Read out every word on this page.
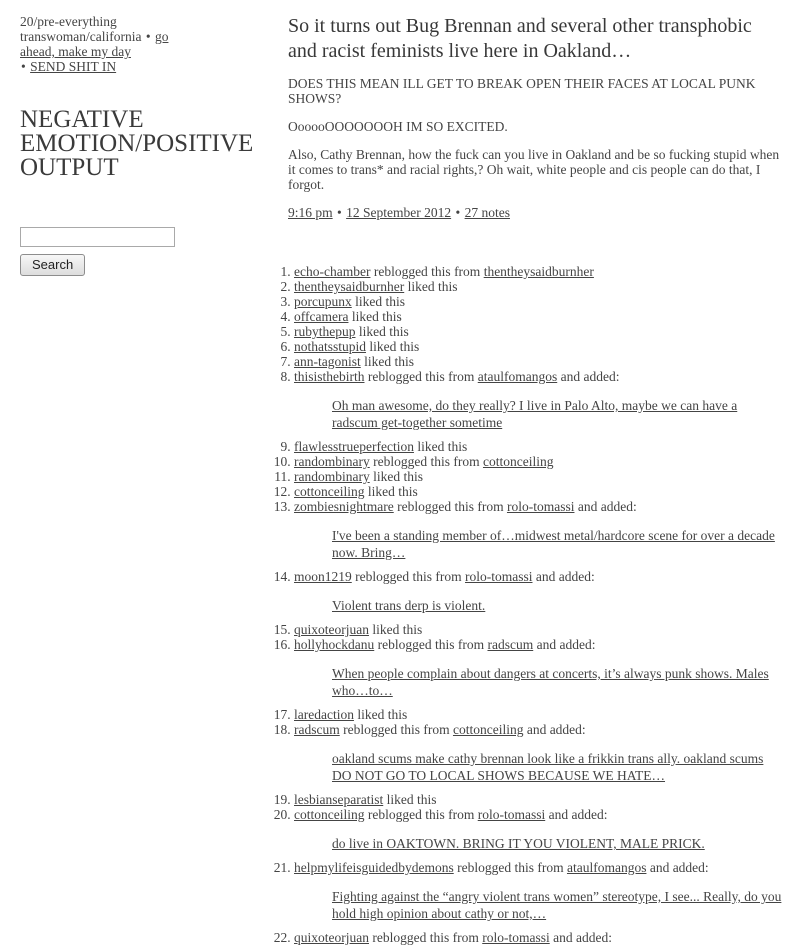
20/pre-everything transwoman/california • go ahead, make my day
• SEND SHIT IN

NEGATIVE EMOTION/POSITIVE OUTPUT
Search
So it turns out Bug Brennan and several other transphobic and racist feminists live here in Oakland…

DOES THIS MEAN ILL GET TO BREAK OPEN THEIR FACES AT LOCAL PUNK SHOWS?

OooooOOOOOOOH IM SO EXCITED.

Also, Cathy Brennan, how the fuck can you live in Oakland and be so fucking stupid when it comes to trans* and racial rights,? Oh wait, white people and cis people can do that, I forgot.

9:16 pm • 12 September 2012 • 27 notes

1. echo-chamber reblogged this from thentheysaidburnher
2. thentheysaidburnher liked this
3. porcupunx liked this
4. offcamera liked this
5. rubythepup liked this
6. nothatsstupid liked this
7. ann-tagonist liked this
8. thisisthebirth reblogged this from ataulfomangos and added:
Oh man awesome, do they really? I live in Palo Alto, maybe we can have a radscum get-together sometime
9. flawlesstrueperfection liked this
10. randombinary reblogged this from cottonceiling
11. randombinary liked this
12. cottonceiling liked this
13. zombiesnightmare reblogged this from rolo-tomassi and added:
I've been a standing member of…midwest metal/hardcore scene for over a decade now. Bring…
14. moon1219 reblogged this from rolo-tomassi and added:
Violent trans derp is violent.
15. quixoteorjuan liked this
16. hollyhockdanu reblogged this from radscum and added:
When people complain about dangers at concerts, it’s always punk shows. Males who…to…
17. laredaction liked this
18. radscum reblogged this from cottonceiling and added:
oakland scums make cathy brennan look like a frikkin trans ally. oakland scums DO NOT GO TO LOCAL SHOWS BECAUSE WE HATE…
19. lesbianseparatist liked this
20. cottonceiling reblogged this from rolo-tomassi and added:
do live in OAKTOWN. BRING IT YOU VIOLENT, MALE PRICK.
21. helpmylifeisguidedbydemons reblogged this from ataulfomangos and added:
Fighting against the “angry violent trans women” stereotype, I see... Really, do you hold high opinion about cathy or not,…
22. quixoteorjuan reblogged this from rolo-tomassi and added:
